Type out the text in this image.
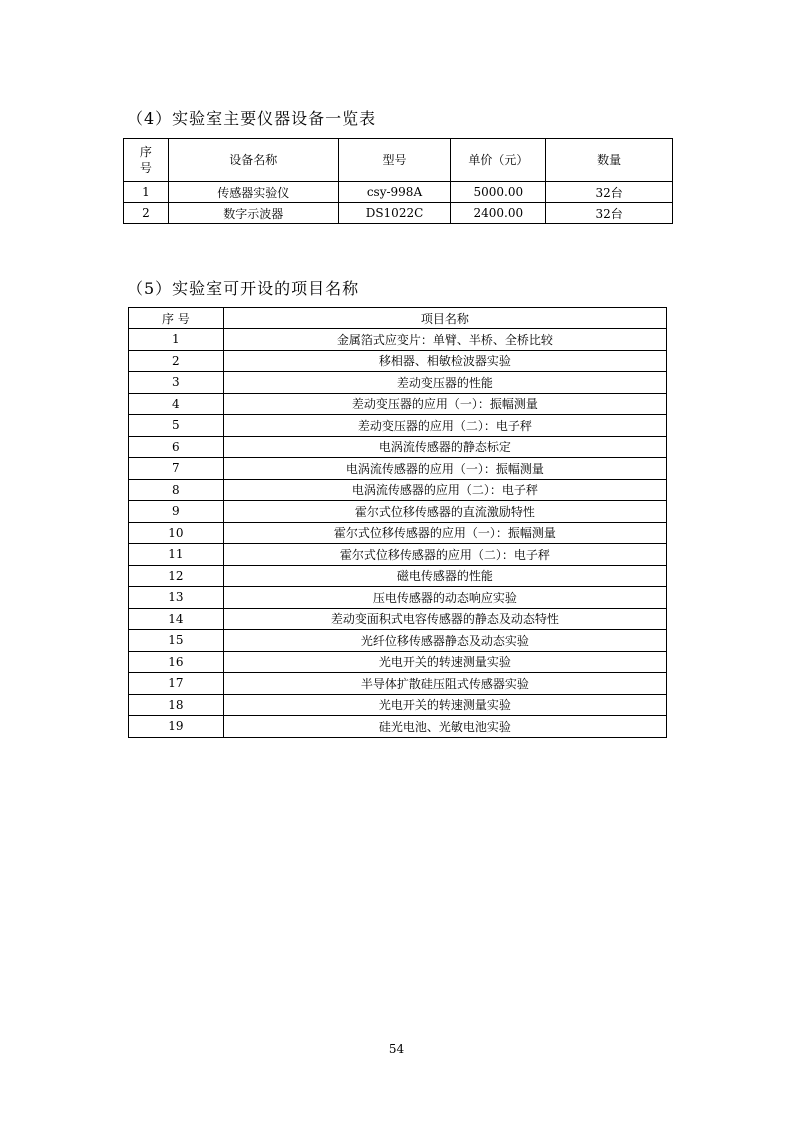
（4）实验室主要仪器设备一览表
序号	设备名称	型号	单价（元）	数量
1	传感器实验仪	csy-998A	5000.00	32台
2	数字示波器	DS1022C	2400.00	32台
（5）实验室可开设的项目名称
序 号	项目名称
1	金属箔式应变片：单臂、半桥、全桥比较
2	移相器、相敏检波器实验
3	差动变压器的性能
4	差动变压器的应用（一）：振幅测量
5	差动变压器的应用（二）：电子秤
6	电涡流传感器的静态标定
7	电涡流传感器的应用（一）：振幅测量
8	电涡流传感器的应用（二）：电子秤
9	霍尔式位移传感器的直流激励特性
10	霍尔式位移传感器的应用（一）：振幅测量
11	霍尔式位移传感器的应用（二）：电子秤
12	磁电传感器的性能
13	压电传感器的动态响应实验
14	差动变面积式电容传感器的静态及动态特性
15	光纤位移传感器静态及动态实验
16	光电开关的转速测量实验
17	半导体扩散硅压阻式传感器实验
18	光电开关的转速测量实验
19	硅光电池、光敏电池实验
54
